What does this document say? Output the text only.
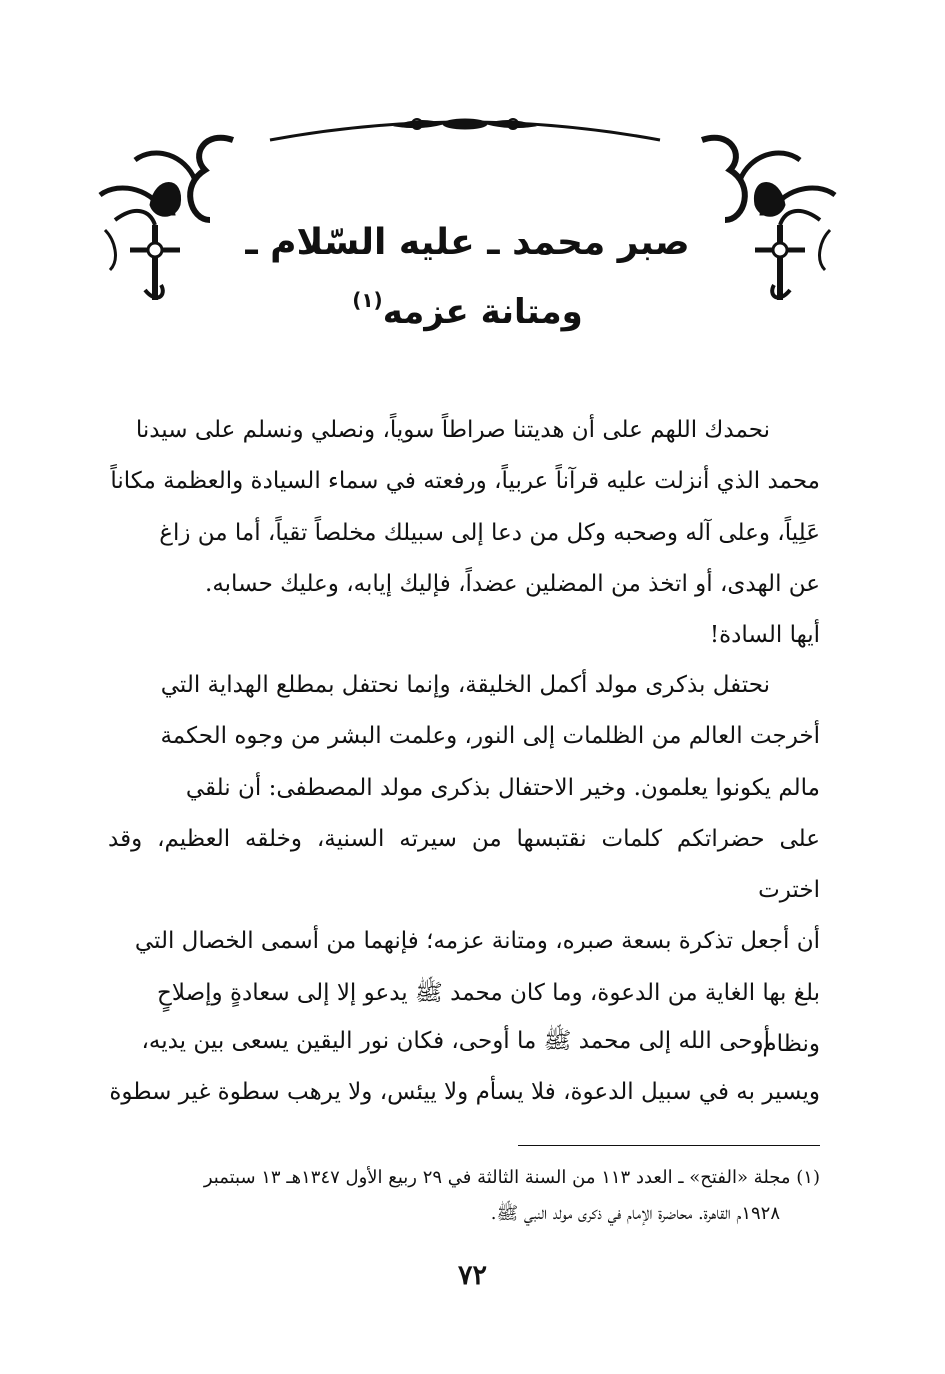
صبر محمد ـ عليه السّلام ـ
ومتانة عزمه$^{(١)}$

نحمدك اللهم على أن هديتنا صراطاً سوياً، ونصلي ونسلم على سيدنا

محمد الذي أنزلت عليه قرآناً عربياً، ورفعته في سماء السيادة والعظمة مكاناً

عَلِياً، وعلى آله وصحبه وكل من دعا إلى سبيلك مخلصاً تقياً، أما من زاغ

عن الهدى، أو اتخذ من المضلين عضداً، فإليك إيابه، وعليك حسابه.

أيها السادة!

نحتفل بذكرى مولد أكمل الخليقة، وإنما نحتفل بمطلع الهداية التي

أخرجت العالم من الظلمات إلى النور، وعلمت البشر من وجوه الحكمة

مالم يكونوا يعلمون. وخير الاحتفال بذكرى مولد المصطفى: أن نلقي

على حضراتكم كلمات نقتبسها من سيرته السنية، وخلقه العظيم، وقد اخترت

أن أجعل تذكرة بسعة صبره، ومتانة عزمه؛ فإنهما من أسمى الخصال التي

بلغ بها الغاية من الدعوة، وما كان محمد ﷺ يدعو إلا إلى سعادةٍ وإصلاحٍ

ونظام.

أوحى الله إلى محمد ﷺ ما أوحى، فكان نور اليقين يسعى بين يديه،

ويسير به في سبيل الدعوة، فلا يسأم ولا ييئس، ولا يرهب سطوة غير سطوة

(١) مجلة «الفتح» ـ العدد ١١٣ من السنة الثالثة في ٢٩ ربيع الأول ١٣٤٧هـ ١٣ سبتمبر
١٩٢٨م القاهرة. محاضرة الإمام في ذكرى مولد النبي ﷺ.
٧٢
